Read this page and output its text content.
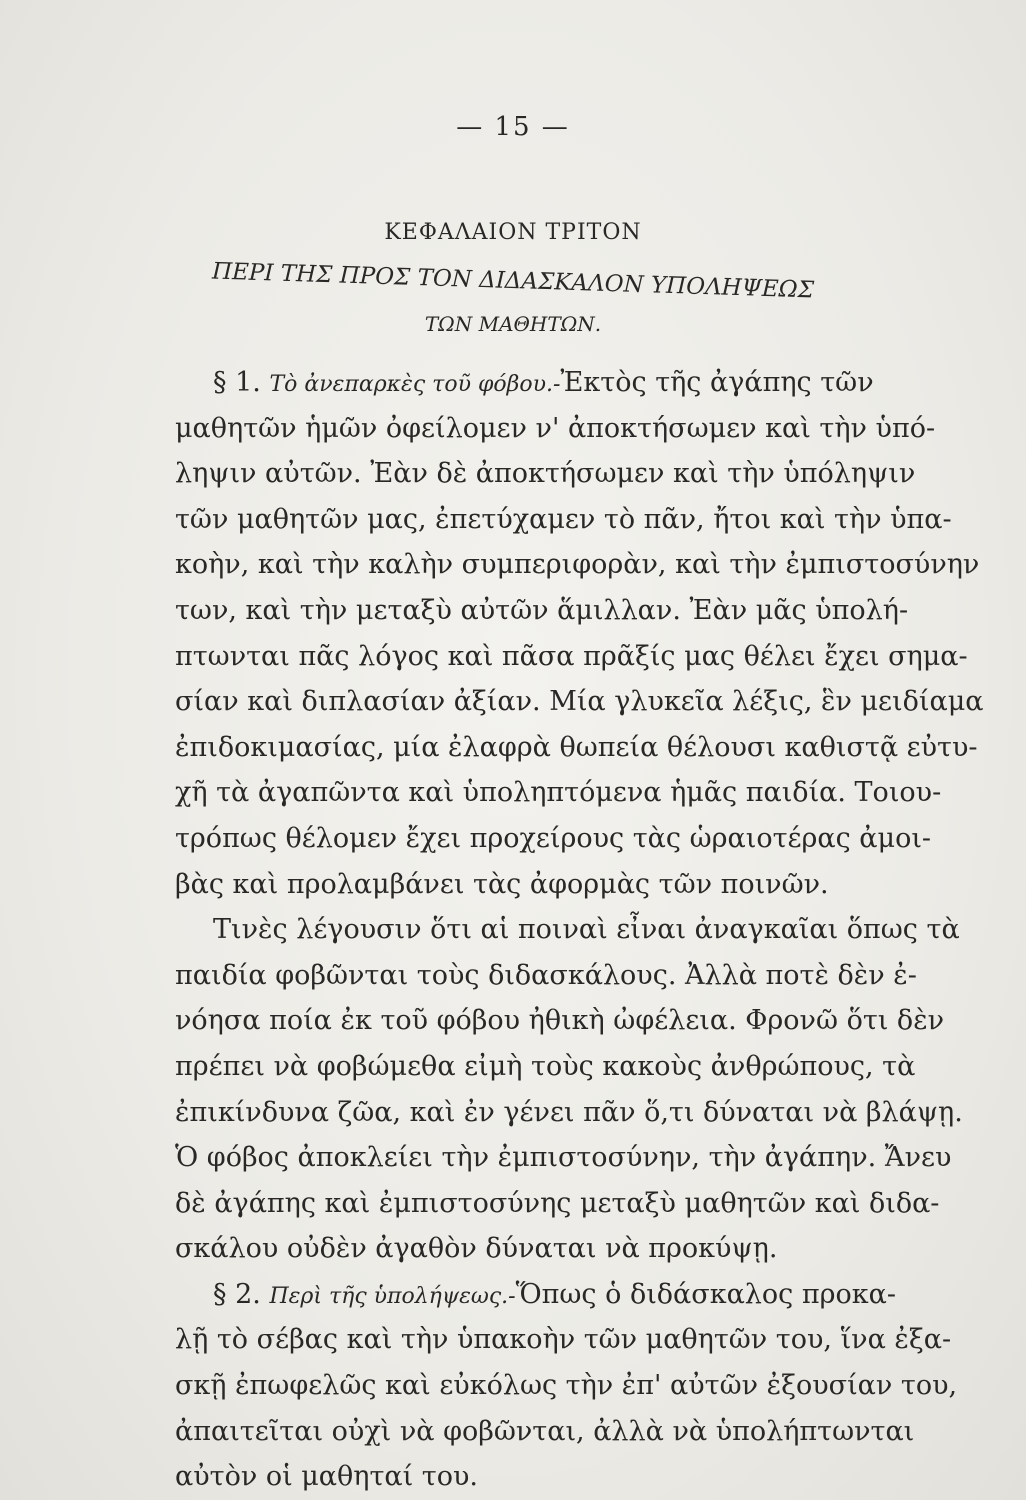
— 15 —
ΚΕΦΑΛΑΙΟΝ ΤΡΙΤΟΝ
ΠΕΡΙ ΤΗΣ ΠΡΟΣ ΤΟΝ ΔΙΔΑΣΚΑΛΟΝ ΥΠΟΛΗΨΕΩΣ
ΤΩΝ ΜΑΘΗΤΩΝ.
§ 1. Τὸ ἀνεπαρκὲς τοῦ φόβου.-Ἐκτὸς τῆς ἀγάπης τῶν
μαθητῶν ἡμῶν ὀφείλομεν ν' ἀποκτήσωμεν καὶ τὴν ὑπό-
ληψιν αὐτῶν. Ἐὰν δὲ ἀποκτήσωμεν καὶ τὴν ὑπόληψιν
τῶν μαθητῶν μας, ἐπετύχαμεν τὸ πᾶν, ἤτοι καὶ τὴν ὑπα-
κοὴν, καὶ τὴν καλὴν συμπεριφορὰν, καὶ τὴν ἐμπιστοσύνην
των, καὶ τὴν μεταξὺ αὐτῶν ἅμιλλαν. Ἐὰν μᾶς ὑπολή-
πτωνται πᾶς λόγος καὶ πᾶσα πρᾶξίς μας θέλει ἔχει σημα-
σίαν καὶ διπλασίαν ἀξίαν. Μία γλυκεῖα λέξις, ἓν μειδίαμα
ἐπιδοκιμασίας, μία ἐλαφρὰ θωπεία θέλουσι καθιστᾷ εὐτυ-
χῆ τὰ ἀγαπῶντα καὶ ὑποληπτόμενα ἡμᾶς παιδία. Τοιου-
τρόπως θέλομεν ἔχει προχείρους τὰς ὡραιοτέρας ἀμοι-
βὰς καὶ προλαμβάνει τὰς ἀφορμὰς τῶν ποινῶν.
Τινὲς λέγουσιν ὅτι αἱ ποιναὶ εἶναι ἀναγκαῖαι ὅπως τὰ
παιδία φοβῶνται τοὺς διδασκάλους. Ἀλλὰ ποτὲ δὲν ἐ-
νόησα ποία ἐκ τοῦ φόβου ἠθικὴ ὠφέλεια. Φρονῶ ὅτι δὲν
πρέπει νὰ φοβώμεθα εἰμὴ τοὺς κακοὺς ἀνθρώπους, τὰ
ἐπικίνδυνα ζῶα, καὶ ἐν γένει πᾶν ὅ,τι δύναται νὰ βλάψῃ.
Ὁ φόβος ἀποκλείει τὴν ἐμπιστοσύνην, τὴν ἀγάπην. Ἄνευ
δὲ ἀγάπης καὶ ἐμπιστοσύνης μεταξὺ μαθητῶν καὶ διδα-
σκάλου οὐδὲν ἀγαθὸν δύναται νὰ προκύψῃ.
§ 2. Περὶ τῆς ὑπολήψεως.-Ὅπως ὁ διδάσκαλος προκα-
λῇ τὸ σέβας καὶ τὴν ὑπακοὴν τῶν μαθητῶν του, ἵνα ἐξα-
σκῇ ἐπωφελῶς καὶ εὐκόλως τὴν ἐπ' αὐτῶν ἐξουσίαν του,
ἀπαιτεῖται οὐχὶ νὰ φοβῶνται, ἀλλὰ νὰ ὑπολήπτωνται
αὐτὸν οἱ μαθηταί του.
